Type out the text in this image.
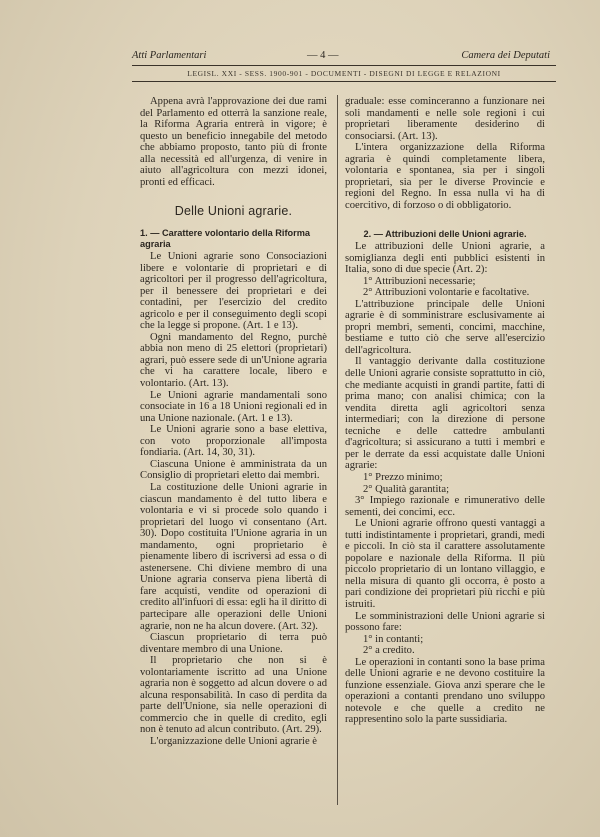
Atti Parlamentari	— 4 —	Camera dei Deputati
LEGISL. XXI - SESS. 1900-901 - DOCUMENTI - DISEGNI DI LEGGE E RELAZIONI

Appena avrà l'approvazione dei due rami del Parlamento ed otterrà la sanzione reale, la Riforma Agraria entrerà in vigore; è questo un beneficio innegabile del metodo che abbiamo proposto, tanto più di fronte alla necessità ed all'urgenza, di venire in aiuto all'agricoltura con mezzi idonei, pronti ed efficaci.

Delle Unioni agrarie.

1. — Carattere volontario della Riforma agraria

Le Unioni agrarie sono Consociazioni libere e volontarie di proprietari e di agricoltori per il progresso dell'agricoltura, per il benessere dei proprietari e dei contadini, per l'esercizio del credito agricolo e per il conseguimento degli scopi che la legge si propone. (Art. 1 e 13).

Ogni mandamento del Regno, purchè abbia non meno di 25 elettori (proprietari) agrari, può essere sede di un'Unione agraria che vi ha carattere locale, libero e volontario. (Art. 13).

Le Unioni agrarie mandamentali sono consociate in 16 a 18 Unioni regionali ed in una Unione nazionale. (Art. 1 e 13).

Le Unioni agrarie sono a base elettiva, con voto proporzionale all'imposta fondiaria. (Art. 14, 30, 31).

Ciascuna Unione è amministrata da un Consiglio di proprietari eletto dai membri.

La costituzione delle Unioni agrarie in ciascun mandamento è del tutto libera e volontaria e vi si procede solo quando i proprietari del luogo vi consentano (Art. 30). Dopo costituita l'Unione agraria in un mandamento, ogni proprietario è pienamente libero di iscriversi ad essa o di astenersene. Chi diviene membro di una Unione agraria conserva piena libertà di fare acquisti, vendite od operazioni di credito all'infuori di essa: egli ha il diritto di partecipare alle operazioni delle Unioni agrarie, non ne ha alcun dovere. (Art. 32).

Ciascun proprietario di terra può diventare membro di una Unione.

Il proprietario che non si è volontariamente iscritto ad una Unione agraria non è soggetto ad alcun dovere o ad alcuna responsabilità. In caso di perdita da parte dell'Unione, sia nelle operazioni di commercio che in quelle di credito, egli non è tenuto ad alcun contributo. (Art. 29).

L'organizzazione delle Unioni agrarie è

graduale: esse cominceranno a funzionare nei soli mandamenti e nelle sole regioni i cui proprietari liberamente desiderino di consociarsi. (Art. 13).

L'intera organizzazione della Riforma agraria è quindi completamente libera, volontaria e spontanea, sia per i singoli proprietari, sia per le diverse Provincie e regioni del Regno. In essa nulla vi ha di coercitivo, di forzoso o di obbligatorio.

2. — Attribuzioni delle Unioni agrarie.

Le attribuzioni delle Unioni agrarie, a somiglianza degli enti pubblici esistenti in Italia, sono di due specie (Art. 2):

1° Attribuzioni necessarie;

2° Attribuzioni volontarie e facoltative.

L'attribuzione principale delle Unioni agrarie è di somministrare esclusivamente ai propri membri, sementi, concimi, macchine, bestiame e tutto ciò che serve all'esercizio dell'agricoltura.

Il vantaggio derivante dalla costituzione delle Unioni agrarie consiste soprattutto in ciò, che mediante acquisti in grandi partite, fatti di prima mano; con analisi chimica; con la vendita diretta agli agricoltori senza intermediari; con la direzione di persone tecniche e delle cattedre ambulanti d'agricoltura; si assicurano a tutti i membri e per le derrate da essi acquistate dalle Unioni agrarie:

1° Prezzo minimo;

2° Qualità garantita;

3° Impiego razionale e rimunerativo delle sementi, dei concimi, ecc.

Le Unioni agrarie offrono questi vantaggi a tutti indistintamente i proprietari, grandi, medi e piccoli. In ciò sta il carattere assolutamente popolare e nazionale della Riforma. Il più piccolo proprietario di un lontano villaggio, e nella misura di quanto gli occorra, è posto a pari condizione dei proprietari più ricchi e più istruiti.

Le somministrazioni delle Unioni agrarie si possono fare:

1° in contanti;

2° a credito.

Le operazioni in contanti sono la base prima delle Unioni agrarie e ne devono costituire la funzione essenziale. Giova anzi sperare che le operazioni a contanti prendano uno sviluppo notevole e che quelle a credito ne rappresentino solo la parte sussidiaria.
